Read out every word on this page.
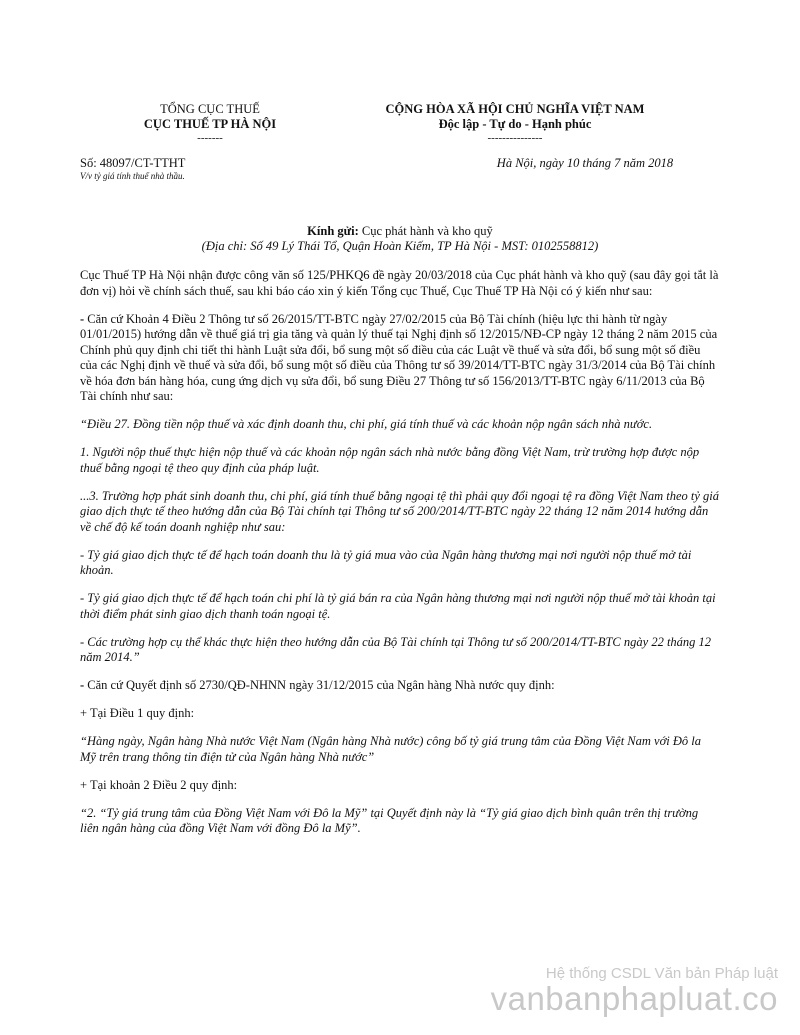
TỔNG CỤC THUẾ
CỤC THUẾ TP HÀ NỘI
-------
CỘNG HÒA XÃ HỘI CHỦ NGHĨA VIỆT NAM
Độc lập - Tự do - Hạnh phúc
---------------
Số: 48097/CT-TTHT
V/v tỷ giá tính thuế nhà thầu.
Hà Nội, ngày 10 tháng 7 năm 2018
Kính gửi: Cục phát hành và kho quỹ
(Địa chỉ: Số 49 Lý Thái Tổ, Quận Hoàn Kiếm, TP Hà Nội - MST: 0102558812)

Cục Thuế TP Hà Nội nhận được công văn số 125/PHKQ6 đề ngày 20/03/2018 của Cục phát hành và kho quỹ (sau đây gọi tắt là đơn vị) hỏi về chính sách thuế, sau khi báo cáo xin ý kiến Tổng cục Thuế, Cục Thuế TP Hà Nội có ý kiến như sau:

- Căn cứ Khoản 4 Điều 2 Thông tư số 26/2015/TT-BTC ngày 27/02/2015 của Bộ Tài chính (hiệu lực thi hành từ ngày 01/01/2015) hướng dẫn về thuế giá trị gia tăng và quản lý thuế tại Nghị định số 12/2015/NĐ-CP ngày 12 tháng 2 năm 2015 của Chính phủ quy định chi tiết thi hành Luật sửa đổi, bổ sung một số điều của các Luật về thuế và sửa đổi, bổ sung một số điều của các Nghị định về thuế và sửa đổi, bổ sung một số điều của Thông tư số 39/2014/TT-BTC ngày 31/3/2014 của Bộ Tài chính về hóa đơn bán hàng hóa, cung ứng dịch vụ sửa đổi, bổ sung Điều 27 Thông tư số 156/2013/TT-BTC ngày 6/11/2013 của Bộ Tài chính như sau:

“Điều 27. Đồng tiền nộp thuế và xác định doanh thu, chi phí, giá tính thuế và các khoản nộp ngân sách nhà nước.

1. Người nộp thuế thực hiện nộp thuế và các khoản nộp ngân sách nhà nước bằng đồng Việt Nam, trừ trường hợp được nộp thuế bằng ngoại tệ theo quy định của pháp luật.

...3. Trường hợp phát sinh doanh thu, chi phí, giá tính thuế bằng ngoại tệ thì phải quy đổi ngoại tệ ra đồng Việt Nam theo tỷ giá giao dịch thực tế theo hướng dẫn của Bộ Tài chính tại Thông tư số 200/2014/TT-BTC ngày 22 tháng 12 năm 2014 hướng dẫn về chế độ kế toán doanh nghiệp như sau:

- Tỷ giá giao dịch thực tế để hạch toán doanh thu là tỷ giá mua vào của Ngân hàng thương mại nơi người nộp thuế mở tài khoản.

- Tỷ giá giao dịch thực tế để hạch toán chi phí là tỷ giá bán ra của Ngân hàng thương mại nơi người nộp thuế mở tài khoản tại thời điểm phát sinh giao dịch thanh toán ngoại tệ.

- Các trường hợp cụ thể khác thực hiện theo hướng dẫn của Bộ Tài chính tại Thông tư số 200/2014/TT-BTC ngày 22 tháng 12 năm 2014.”

- Căn cứ Quyết định số 2730/QĐ-NHNN ngày 31/12/2015 của Ngân hàng Nhà nước quy định:

+ Tại Điều 1 quy định:

“Hàng ngày, Ngân hàng Nhà nước Việt Nam (Ngân hàng Nhà nước) công bố tỷ giá trung tâm của Đồng Việt Nam với Đô la Mỹ trên trang thông tin điện tử của Ngân hàng Nhà nước”

+ Tại khoản 2 Điều 2 quy định:

“2. “Tỷ giá trung tâm của Đồng Việt Nam với Đô la Mỹ” tại Quyết định này là “Tỷ giá giao dịch bình quân trên thị trường liên ngân hàng của đồng Việt Nam với đồng Đô la Mỹ”.

Hệ thống CSDL Văn bản Pháp luật
vanbanphapluat.co
